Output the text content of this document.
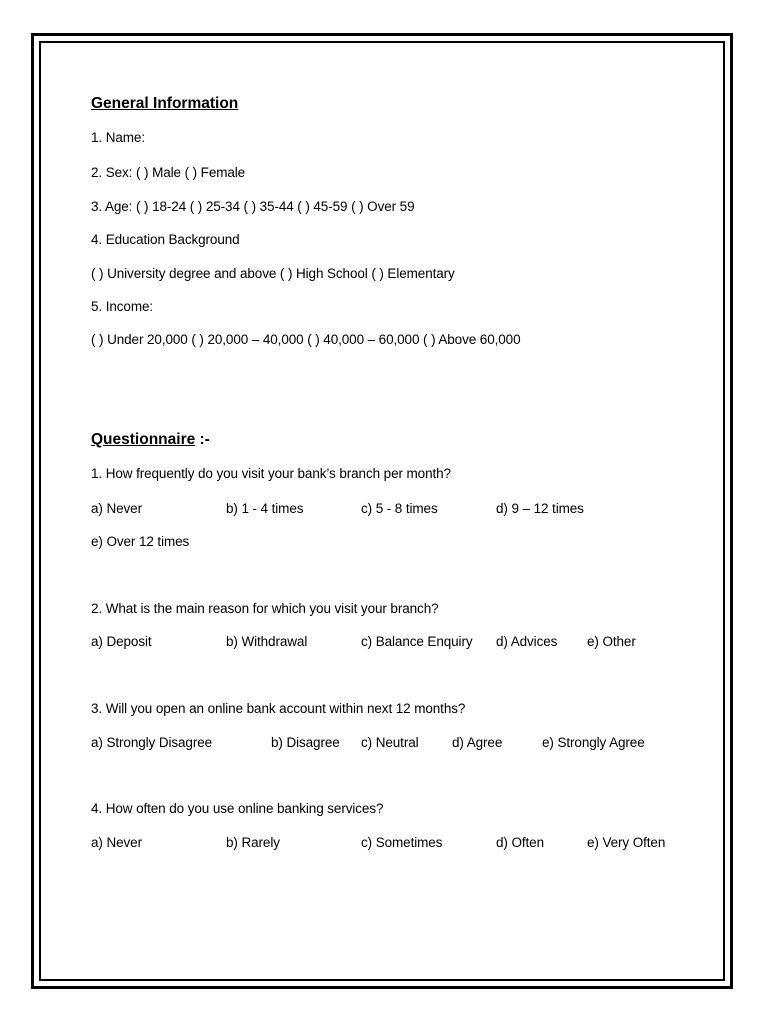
General Information
1. Name:
2. Sex: ( ) Male ( ) Female
3. Age: ( ) 18-24 ( ) 25-34 ( ) 35-44 ( ) 45-59 ( ) Over 59
4. Education Background
( ) University degree and above ( ) High School ( ) Elementary
5. Income:
( ) Under 20,000 ( ) 20,000 – 40,000 ( ) 40,000 – 60,000 ( ) Above 60,000
Questionnaire :-
1. How frequently do you visit your bank’s branch per month?
a) Never	b) 1 - 4 times	c) 5 - 8 times	d) 9 – 12 times
e) Over 12 times
2. What is the main reason for which you visit your branch?
a) Deposit	b) Withdrawal	c) Balance Enquiry d) Advices e) Other
3. Will you open an online bank account within next 12 months?
a) Strongly Disagree	b) Disagree c) Neutral d) Agree	e) Strongly Agree
4. How often do you use online banking services?
a) Never	b) Rarely	c) Sometimes	d) Often	e) Very Often
